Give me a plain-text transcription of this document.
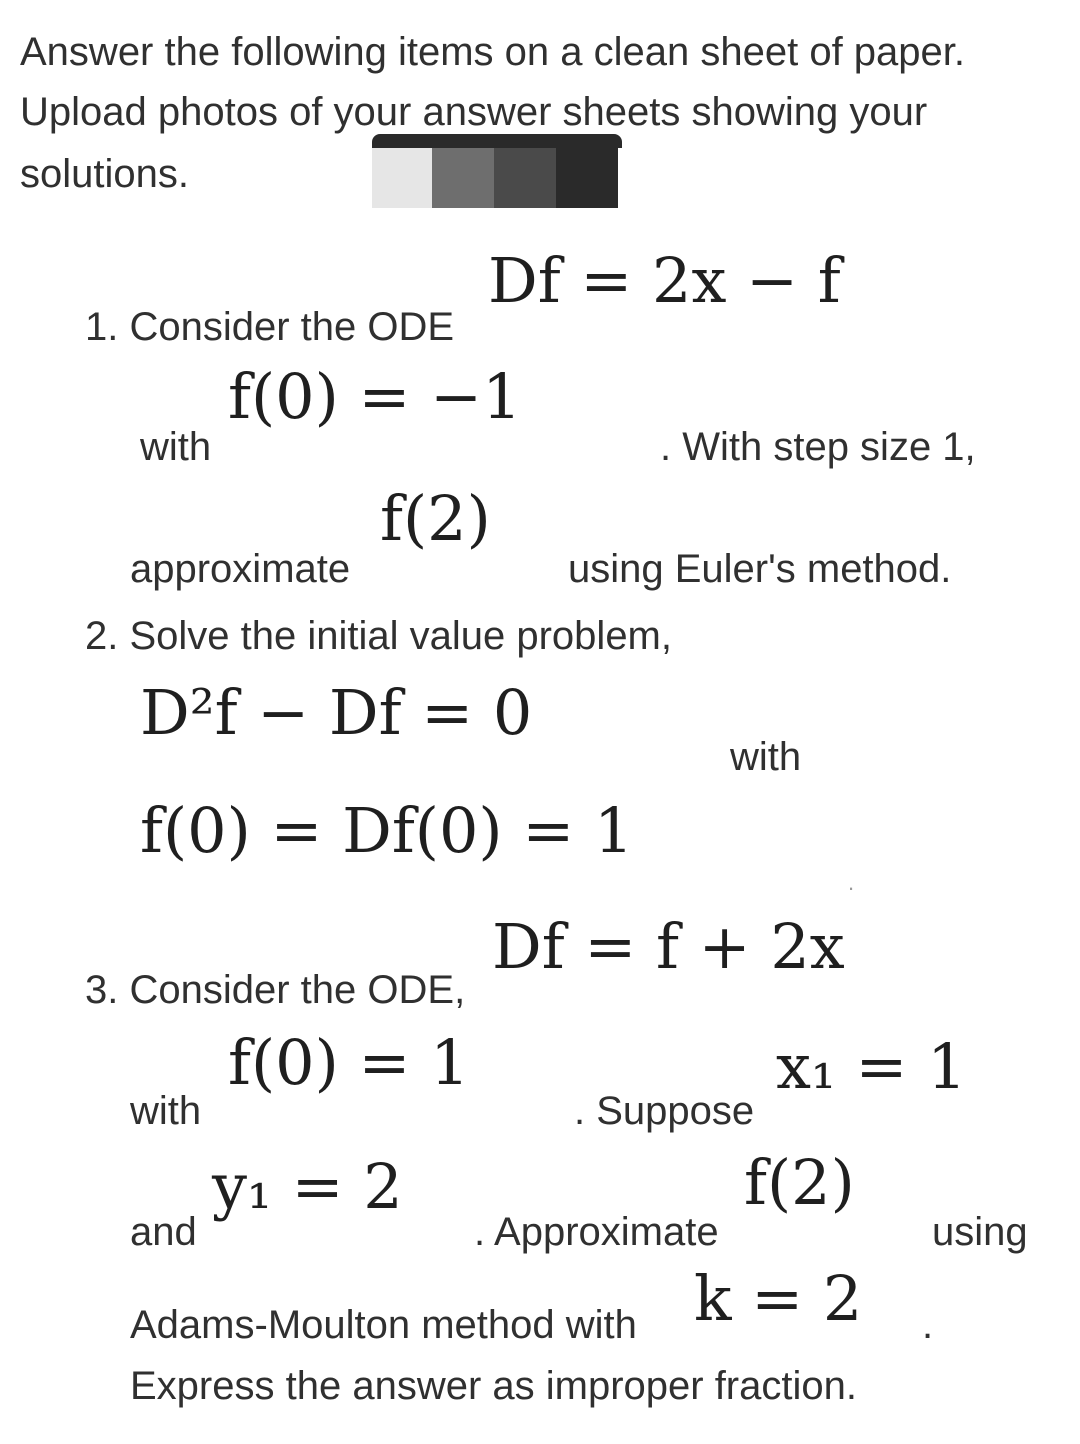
Answer the following items on a clean sheet of paper.
Upload photos of your answer sheets showing your
solutions.
1. Consider the ODE
Df = 2x − f
with
f(0) = −1
. With step size 1,
approximate
f(2)
using Euler's method.
2. Solve the initial value problem,
D²f − Df = 0
with
f(0) = Df(0) = 1
.
3. Consider the ODE,
Df = f + 2x
with
f(0) = 1
. Suppose
x₁ = 1
and
y₁ = 2
. Approximate
f(2)
using
Adams-Moulton method with k = 2 .
Express the answer as improper fraction.
